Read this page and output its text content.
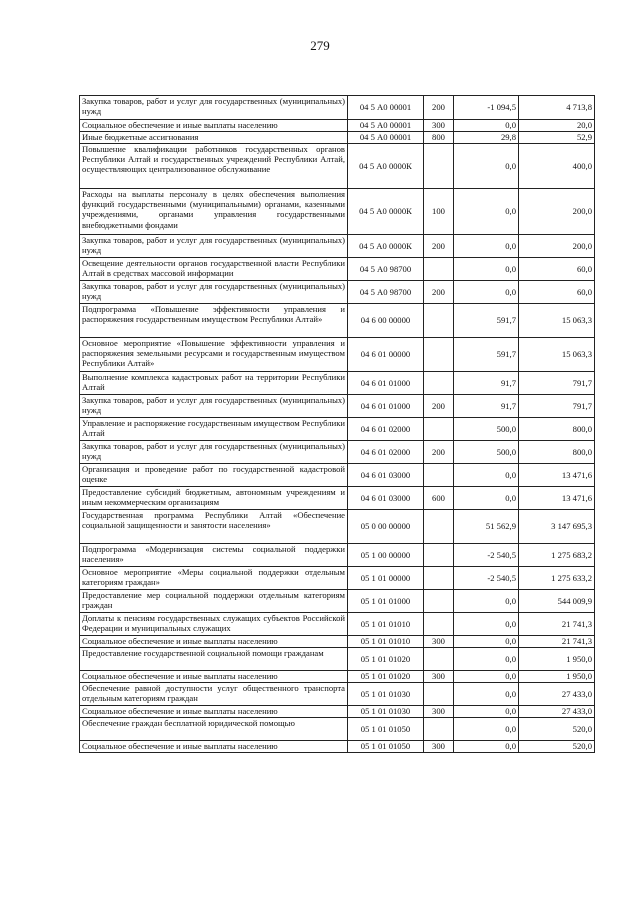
279
Закупка товаров, работ и услуг для государственных (муниципальных) нужд	04 5 А0 00001	200	-1 094,5	4 713,8
Социальное обеспечение и иные выплаты населению	04 5 А0 00001	300	0,0	20,0
Иные бюджетные ассигнования	04 5 А0 00001	800	29,8	52,9
Повышение квалификации работников государственных органов Республики Алтай и государственных учреждений Республики Алтай, осуществляющих централизованное обслуживание	04 5 А0 0000К		0,0	400,0
Расходы на выплаты персоналу в целях обеспечения выполнения функций государственными (муниципальными) органами, казенными учреждениями, органами управления государственными внебюджетными фондами	04 5 А0 0000К	100	0,0	200,0
Закупка товаров, работ и услуг для государственных (муниципальных) нужд	04 5 А0 0000К	200	0,0	200,0
Освещение деятельности органов государственной власти Республики Алтай в средствах массовой информации	04 5 А0 98700		0,0	60,0
Закупка товаров, работ и услуг для государственных (муниципальных) нужд	04 5 А0 98700	200	0,0	60,0
Подпрограмма «Повышение эффективности управления и распоряжения государственным имуществом Республики Алтай»	04 6 00 00000		591,7	15 063,3
Основное мероприятие «Повышение эффективности управления и распоряжения земельными ресурсами и государственным имуществом Республики Алтай»	04 6 01 00000		591,7	15 063,3
Выполнение комплекса кадастровых работ на территории Республики Алтай	04 6 01 01000		91,7	791,7
Закупка товаров, работ и услуг для государственных (муниципальных) нужд	04 6 01 01000	200	91,7	791,7
Управление и распоряжение государственным имуществом Республики Алтай	04 6 01 02000		500,0	800,0
Закупка товаров, работ и услуг для государственных (муниципальных) нужд	04 6 01 02000	200	500,0	800,0
Организация и проведение работ по государственной кадастровой оценке	04 6 01 03000		0,0	13 471,6
Предоставление субсидий бюджетным, автономным учреждениям и иным некоммерческим организациям	04 6 01 03000	600	0,0	13 471,6
Государственная программа Республики Алтай «Обеспечение социальной защищенности и занятости населения»	05 0 00 00000		51 562,9	3 147 695,3
Подпрограмма «Модернизация системы социальной поддержки населения»	05 1 00 00000		-2 540,5	1 275 683,2
Основное мероприятие «Меры социальной поддержки отдельным категориям граждан»	05 1 01 00000		-2 540,5	1 275 633,2
Предоставление мер социальной поддержки отдельным категориям граждан	05 1 01 01000		0,0	544 009,9
Доплаты к пенсиям государственных служащих субъектов Российской Федерации и муниципальных служащих	05 1 01 01010		0,0	21 741,3
Социальное обеспечение и иные выплаты населению	05 1 01 01010	300	0,0	21 741,3
Предоставление государственной социальной помощи гражданам	05 1 01 01020		0,0	1 950,0
Социальное обеспечение и иные выплаты населению	05 1 01 01020	300	0,0	1 950,0
Обеспечение равной доступности услуг общественного транспорта отдельным категориям граждан	05 1 01 01030		0,0	27 433,0
Социальное обеспечение и иные выплаты населению	05 1 01 01030	300	0,0	27 433,0
Обеспечение граждан бесплатной юридической помощью	05 1 01 01050		0,0	520,0
Социальное обеспечение и иные выплаты населению	05 1 01 01050	300	0,0	520,0
